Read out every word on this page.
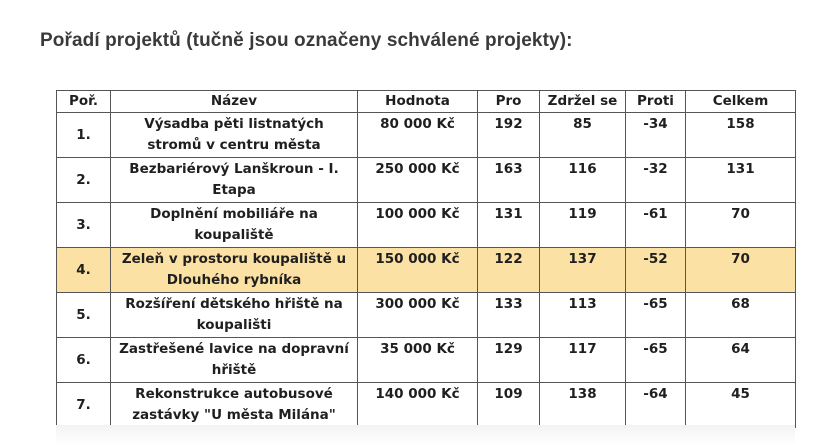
Pořadí projektů (tučně jsou označeny schválené projekty):
Poř.	Název	Hodnota	Pro	Zdržel se	Proti	Celkem
1.	Výsadba pěti listnatých stromů v centru města	80 000 Kč	192	85	-34	158
2.	Bezbariérový Lanškroun - I. Etapa	250 000 Kč	163	116	-32	131
3.	Doplnění mobiliáře na koupaliště	100 000 Kč	131	119	-61	70
4.	Zeleň v prostoru koupaliště u Dlouhého rybníka	150 000 Kč	122	137	-52	70
5.	Rozšíření dětského hřiště na koupališti	300 000 Kč	133	113	-65	68
6.	Zastřešené lavice na dopravní hřiště	35 000 Kč	129	117	-65	64
7.	Rekonstrukce autobusové zastávky "U města Milána"	140 000 Kč	109	138	-64	45
